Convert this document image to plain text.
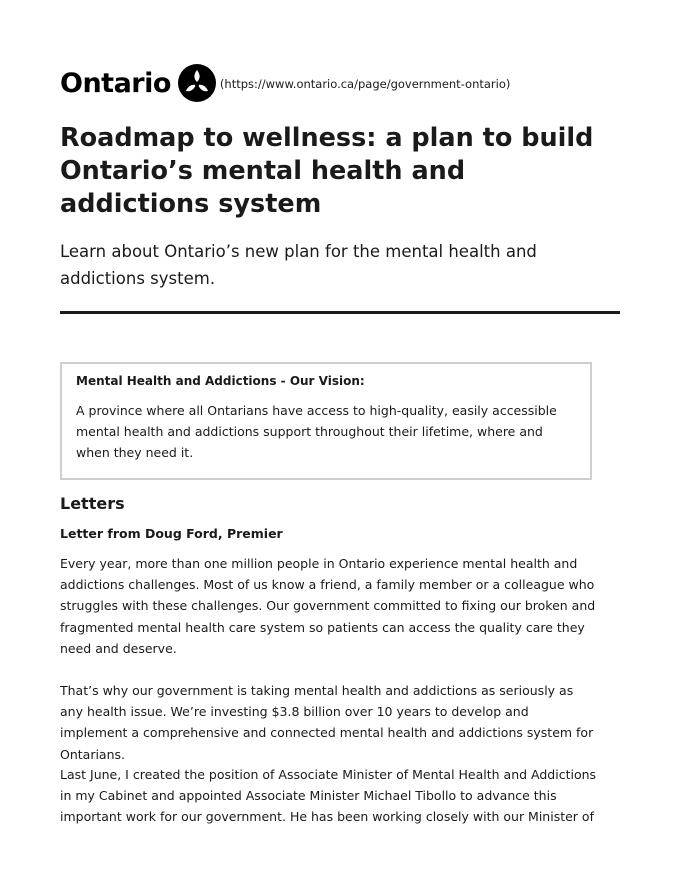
Ontario	(https://www.ontario.ca/page/government-ontario)
Roadmap to wellness: a plan to build Ontario’s mental health and addictions system

Learn about Ontario’s new plan for the mental health and addictions system.

Mental Health and Addictions - Our Vision:

A province where all Ontarians have access to high-quality, easily accessible mental health and addictions support throughout their lifetime, where and when they need it.

Letters
Letter from Doug Ford, Premier

Every year, more than one million people in Ontario experience mental health and addictions challenges. Most of us know a friend, a family member or a colleague who struggles with these challenges. Our government committed to fixing our broken and fragmented mental health care system so patients can access the quality care they need and deserve.

That’s why our government is taking mental health and addictions as seriously as any health issue. We’re investing $3.8 billion over 10 years to develop and implement a comprehensive and connected mental health and addictions system for Ontarians.

Last June, I created the position of Associate Minister of Mental Health and Addictions in my Cabinet and appointed Associate Minister Michael Tibollo to advance this important work for our government. He has been working closely with our Minister of
